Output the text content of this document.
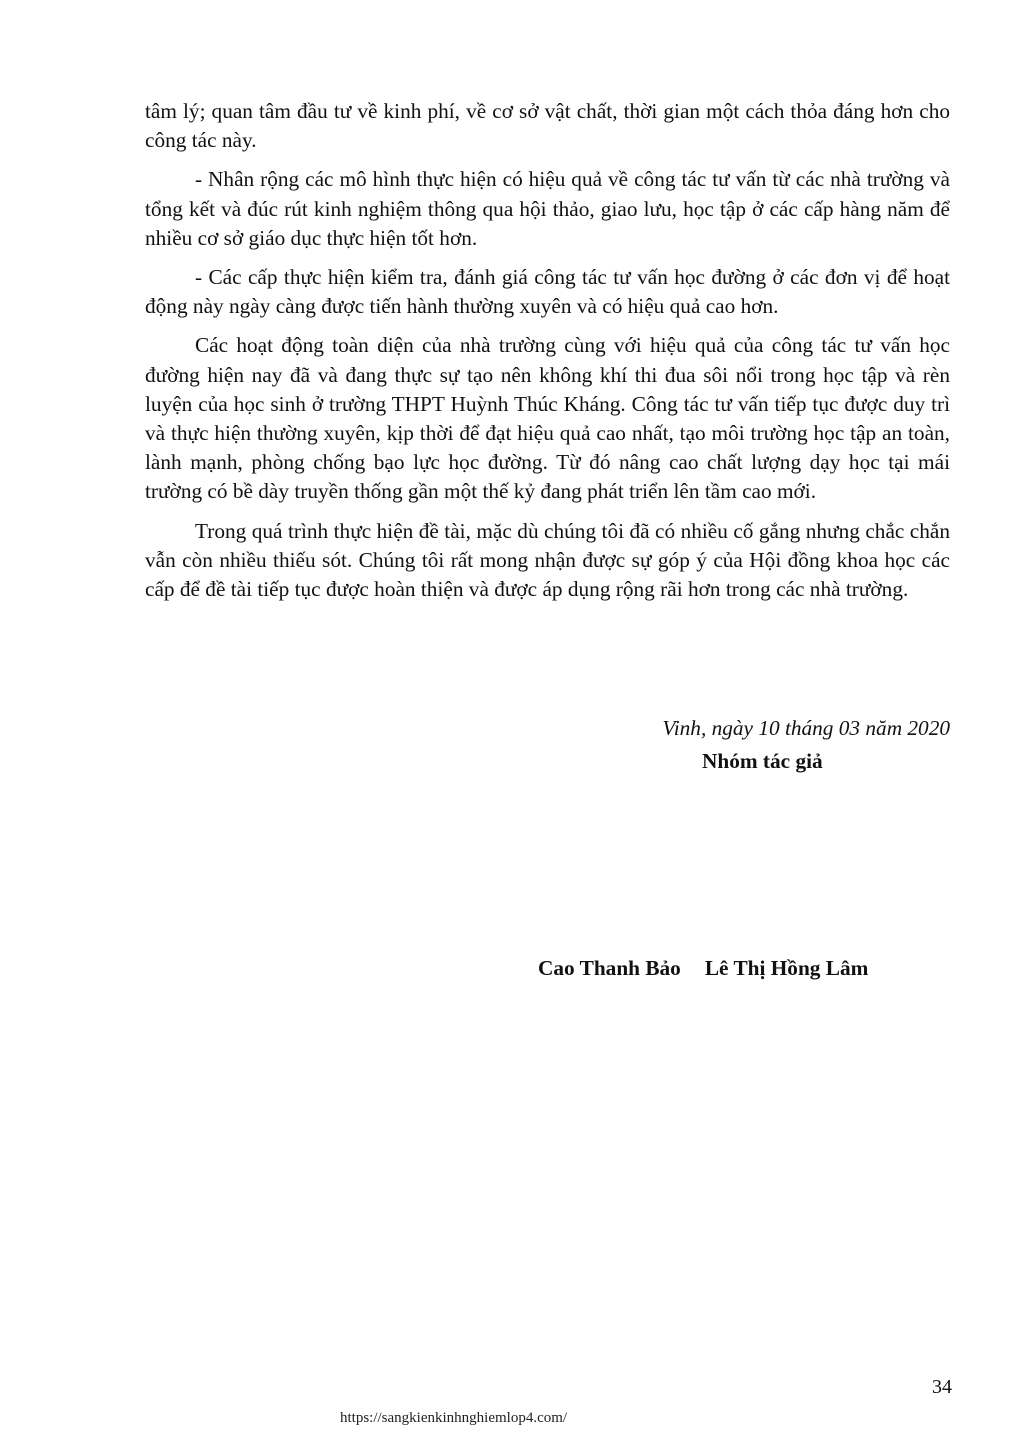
tâm lý; quan tâm đầu tư về kinh phí, về cơ sở vật chất, thời gian một cách thỏa đáng hơn cho công tác này.

- Nhân rộng các mô hình thực hiện có hiệu quả về công tác tư vấn từ các nhà trường và tổng kết và đúc rút kinh nghiệm thông qua hội thảo, giao lưu, học tập ở các cấp hàng năm để nhiều cơ sở giáo dục thực hiện tốt hơn.

- Các cấp thực hiện kiểm tra, đánh giá công tác tư vấn học đường ở các đơn vị để hoạt động này ngày càng được tiến hành thường xuyên và có hiệu quả cao hơn.

Các hoạt động toàn diện của nhà trường cùng với hiệu quả của công tác tư vấn học đường hiện nay đã và đang thực sự tạo nên không khí thi đua sôi nổi trong học tập và rèn luyện của học sinh ở trường THPT Huỳnh Thúc Kháng. Công tác tư vấn tiếp tục được duy trì và thực hiện thường xuyên, kịp thời để đạt hiệu quả cao nhất, tạo môi trường học tập an toàn, lành mạnh, phòng chống bạo lực học đường. Từ đó nâng cao chất lượng dạy học tại mái trường có bề dày truyền thống gần một thế kỷ đang phát triển lên tầm cao mới.

Trong quá trình thực hiện đề tài, mặc dù chúng tôi đã có nhiều cố gắng nhưng chắc chắn vẫn còn nhiều thiếu sót. Chúng tôi rất mong nhận được sự góp ý của Hội đồng khoa học các cấp để đề tài tiếp tục được hoàn thiện và được áp dụng rộng rãi hơn trong các nhà trường.

Vinh, ngày 10 tháng 03 năm 2020

Nhóm tác giả

Cao Thanh Bảo Lê Thị Hồng Lâm
34
https://sangkienkinhnghiemlop4.com/
